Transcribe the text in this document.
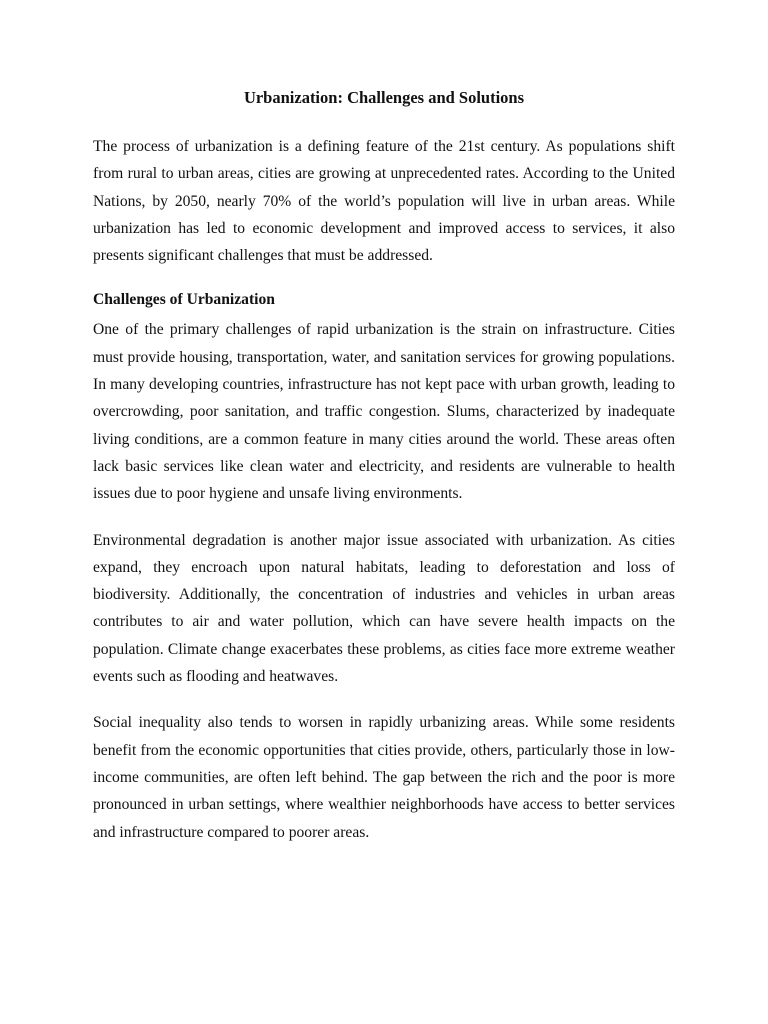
Urbanization: Challenges and Solutions

The process of urbanization is a defining feature of the 21st century. As populations shift from rural to urban areas, cities are growing at unprecedented rates. According to the United Nations, by 2050, nearly 70% of the world’s population will live in urban areas. While urbanization has led to economic development and improved access to services, it also presents significant challenges that must be addressed.

Challenges of Urbanization

One of the primary challenges of rapid urbanization is the strain on infrastructure. Cities must provide housing, transportation, water, and sanitation services for growing populations. In many developing countries, infrastructure has not kept pace with urban growth, leading to overcrowding, poor sanitation, and traffic congestion. Slums, characterized by inadequate living conditions, are a common feature in many cities around the world. These areas often lack basic services like clean water and electricity, and residents are vulnerable to health issues due to poor hygiene and unsafe living environments.

Environmental degradation is another major issue associated with urbanization. As cities expand, they encroach upon natural habitats, leading to deforestation and loss of biodiversity. Additionally, the concentration of industries and vehicles in urban areas contributes to air and water pollution, which can have severe health impacts on the population. Climate change exacerbates these problems, as cities face more extreme weather events such as flooding and heatwaves.

Social inequality also tends to worsen in rapidly urbanizing areas. While some residents benefit from the economic opportunities that cities provide, others, particularly those in low-income communities, are often left behind. The gap between the rich and the poor is more pronounced in urban settings, where wealthier neighborhoods have access to better services and infrastructure compared to poorer areas.
